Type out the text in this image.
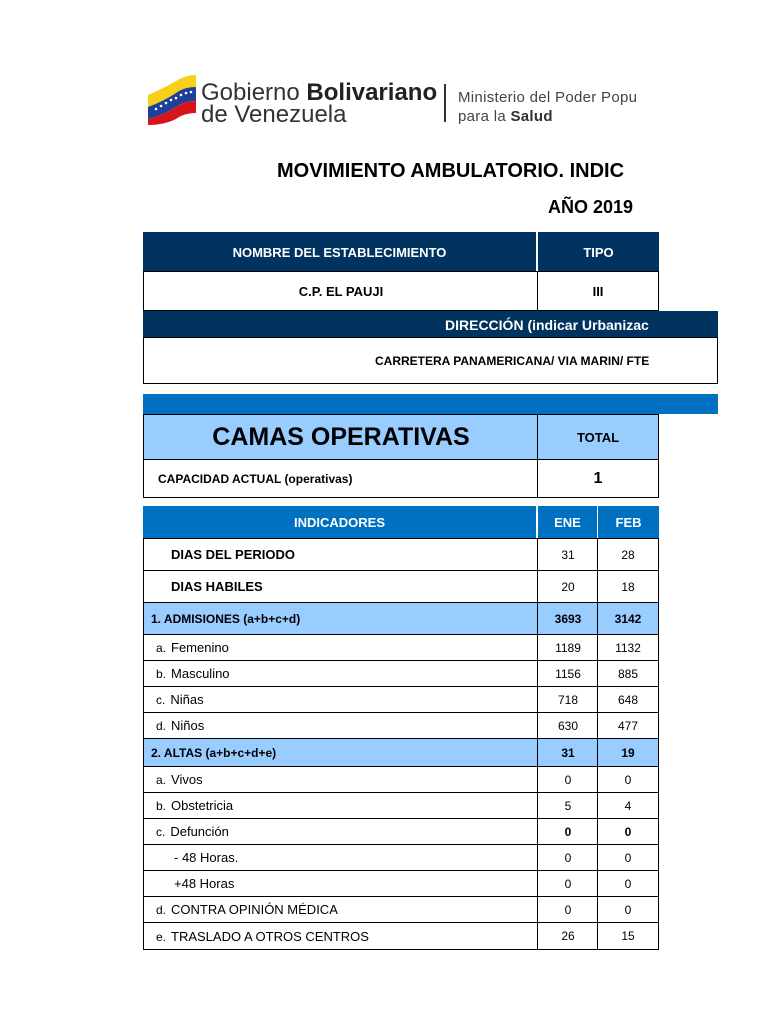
Gobierno Bolivariano
de Venezuela
Ministerio del Poder Popu
para la Salud
MOVIMIENTO AMBULATORIO. INDIC
AÑO 2019
NOMBRE DEL ESTABLECIMIENTO	TIPO
C.P. EL PAUJI	III
DIRECCIÓN (indicar Urbanizac
CARRETERA PANAMERICANA/ VIA MARIN/ FTE
CAMAS OPERATIVAS	TOTAL
CAPACIDAD ACTUAL (operativas)	1
INDICADORES	ENE	FEB
DIAS DEL PERIODO	31	28
DIAS HABILES	20	18
1. ADMISIONES (a+b+c+d)	3693	3142
a. Femenino	1189	1132
b. Masculino	1156	885
c. Niñas	718	648
d. Niños	630	477
2. ALTAS (a+b+c+d+e)	31	19
a. Vivos	0	0
b. Obstetricia	5	4
c. Defunción	0	0
- 48 Horas.	0	0
+48 Horas	0	0
d. CONTRA OPINIÓN MÉDICA	0	0
e. TRASLADO A OTROS CENTROS	26	15
